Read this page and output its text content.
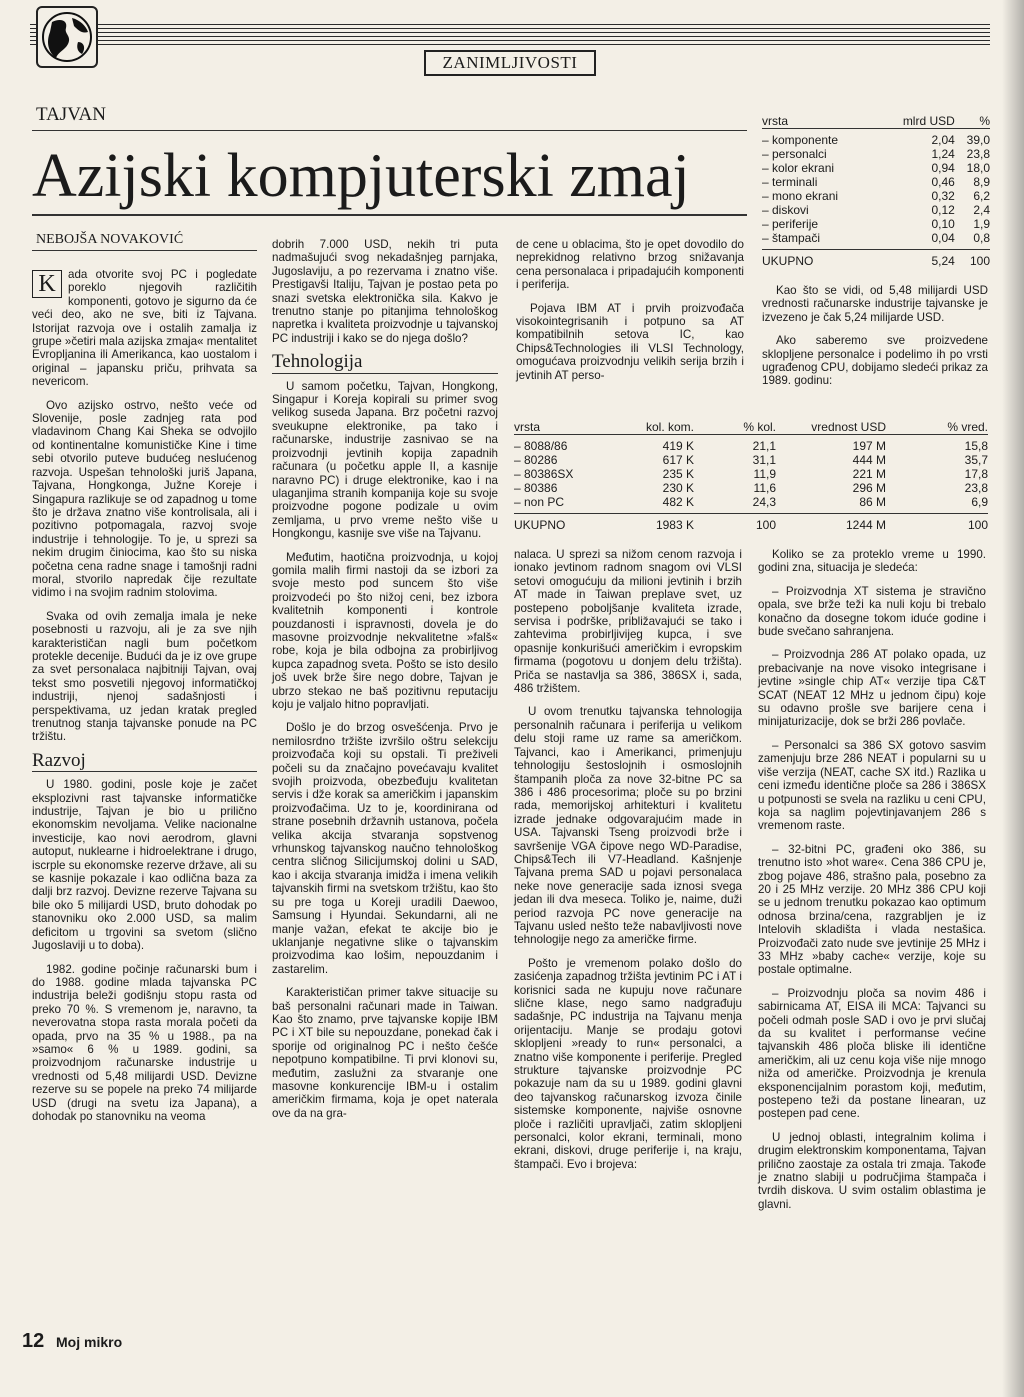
ZANIMLJIVOSTI
TAJVAN
Azijski kompjuterski zmaj
NEBOJŠA NOVAKOVIĆ

K	ada otvorite svoj PC i pogledate poreklo njegovih različitih komponenti, gotovo je sigurno da će veći deo, ako ne sve, biti iz Tajvana. Istorijat razvoja ove i ostalih zamalja iz grupe »četiri mala azijska zmaja« mentalitet Evropljanina ili Amerikanca, kao uostalom i original – japansku priču, prihvata sa nevericom.

Ovo azijsko ostrvo, nešto veće od Slovenije, posle zadnjeg rata pod vladavinom Chang Kai Sheka se odvojilo od kontinentalne komunističke Kine i time sebi otvorilo puteve budućeg neslućenog razvoja. Uspešan tehnološki juriš Japana, Tajvana, Hongkonga, Južne Koreje i Singapura razlikuje se od zapadnog u tome što je država znatno više kontrolisala, ali i pozitivno potpomagala, razvoj svoje industrije i tehnologije. To je, u sprezi sa nekim drugim činiocima, kao što su niska početna cena radne snage i tamošnji radni moral, stvorilo napredak čije rezultate vidimo i na svojim radnim stolovima.

Svaka od ovih zemalja imala je neke posebnosti u razvoju, ali je za sve njih karakterističan nagli bum početkom protekle decenije. Budući da je iz ove grupe za svet personalaca najbitniji Tajvan, ovaj tekst smo posvetili njegovoj informatičkoj industriji, njenoj sadašnjosti i perspektivama, uz jedan kratak pregled trenutnog stanja tajvanske ponude na PC tržištu.

Razvoj

U 1980. godini, posle koje je začet eksplozivni rast tajvanske informatičke industrije, Tajvan je bio u prilično ekonomskim nevoljama. Velike nacionalne investicije, kao novi aerodrom, glavni autoput, nuklearne i hidroelektrane i drugo, iscrple su ekonomske rezerve države, ali su se kasnije pokazale i kao odlična baza za dalji brz razvoj. Devizne rezerve Tajvana su bile oko 5 milijardi USD, bruto dohodak po stanovniku oko 2.000 USD, sa malim deficitom u trgovini sa svetom (slično Jugoslaviji u to doba).

1982. godine počinje računarski bum i do 1988. godine mlada tajvanska PC industrija beleži godišnju stopu rasta od preko 70 %. S vremenom je, naravno, ta neverovatna stopa rasta morala početi da opada, prvo na 35 % u 1988., pa na »samo« 6 % u 1989. godini, sa proizvodnjom računarske industrije u vrednosti od 5,48 milijardi USD. Devizne rezerve su se popele na preko 74 milijarde USD (drugi na svetu iza Japana), a dohodak po stanovniku na veoma

dobrih 7.000 USD, nekih tri puta nadmašujući svog nekadašnjeg parnjaka, Jugoslaviju, a po rezervama i znatno više. Prestigavši Italiju, Tajvan je postao peta po snazi svetska elektronička sila. Kakvo je trenutno stanje po pitanjima tehnološkog napretka i kvaliteta proizvodnje u tajvanskoj PC industriji i kako se do njega došlo?

Tehnologija

U samom početku, Tajvan, Hongkong, Singapur i Koreja kopirali su primer svog velikog suseda Japana. Brz početni razvoj sveukupne elektronike, pa tako i računarske, industrije zasnivao se na proizvodnji jevtinih kopija zapadnih računara (u početku apple II, a kasnije naravno PC) i druge elektronike, kao i na ulaganjima stranih kompanija koje su svoje proizvodne pogone podizale u ovim zemljama, u prvo vreme nešto više u Hongkongu, kasnije sve više na Tajvanu.

Međutim, haotična proizvodnja, u kojoj gomila malih firmi nastoji da se izbori za svoje mesto pod suncem što više proizvodeći po što nižoj ceni, bez izbora kvalitetnih komponenti i kontrole pouzdanosti i ispravnosti, dovela je do masovne proizvodnje nekvalitetne »falš« robe, koja je bila odbojna za probirljivog kupca zapadnog sveta. Pošto se isto desilo još uvek brže šire nego dobre, Tajvan je ubrzo stekao ne baš pozitivnu reputaciju koju je valjalo hitno popravljati.

Došlo je do brzog osvešćenja. Prvo je nemilosrdno tržište izvršilo oštru selekciju proizvođača koji su opstali. Ti preživeli počeli su da značajno povećavaju kvalitet svojih proizvoda, obezbeđuju kvalitetan servis i dže korak sa američkim i japanskim proizvođačima. Uz to je, koordinirana od strane posebnih državnih ustanova, počela velika akcija stvaranja sopstvenog vrhunskog tajvanskog naučno tehnološkog centra sličnog Silicijumskoj dolini u SAD, kao i akcija stvaranja imidža i imena velikih tajvanskih firmi na svetskom tržištu, kao što su pre toga u Koreji uradili Daewoo, Samsung i Hyundai. Sekundarni, ali ne manje važan, efekat te akcije bio je uklanjanje negativne slike o tajvanskim proizvodima kao lošim, nepouzdanim i zastarelim.

Karakterističan primer takve situacije su baš personalni računari made in Taiwan. Kao što znamo, prve tajvanske kopije IBM PC i XT bile su nepouzdane, ponekad čak i sporije od originalnog PC i nešto češće nepotpuno kompatibilne. Ti prvi klonovi su, međutim, zaslužni za stvaranje one masovne konkurencije IBM-u i ostalim američkim firmama, koja je opet naterala ove da na gra-

de cene u oblacima, što je opet dovodilo do neprekidnog relativno brzog snižavanja cena personalaca i pripadajućih komponenti i periferija.

Pojava IBM AT i prvih proizvođača visokointegrisanih i potpuno sa AT kompatibilnih setova IC, kao Chips&Technologies ili VLSI Technology, omogućava proizvodnju velikih serija brzih i jevtinih AT perso-

vrsta	mlrd USD	%
– komponente	2,04	39,0
– personalci	1,24	23,8
– kolor ekrani	0,94	18,0
– terminali	0,46	8,9
– mono ekrani	0,32	6,2
– diskovi	0,12	2,4
– periferije	0,10	1,9
– štampači	0,04	0,8
UKUPNO	5,24	100

Kao što se vidi, od 5,48 milijardi USD vrednosti računarske industrije tajvanske je izvezeno je čak 5,24 milijarde USD.

Ako saberemo sve proizvedene sklopljene personalce i podelimo ih po vrsti ugrađenog CPU, dobijamo sledeći prikaz za 1989. godinu:

vrsta	kol. kom.	% kol.	vrednost USD	% vred.
– 8088/86	419 K	21,1	197 M	15,8
– 80286	617 K	31,1	444 M	35,7
– 80386SX	235 K	11,9	221 M	17,8
– 80386	230 K	11,6	296 M	23,8
– non PC	482 K	24,3	86 M	6,9
UKUPNO	1983 K	100	1244 M	100

nalaca. U sprezi sa nižom cenom razvoja i ionako jevtinom radnom snagom ovi VLSI setovi omogućuju da milioni jevtinih i brzih AT made in Taiwan preplave svet, uz postepeno poboljšanje kvaliteta izrade, servisa i podrške, približavajući se tako i zahtevima probirljivijeg kupca, i sve opasnije konkurišući američkim i evropskim firmama (pogotovu u donjem delu tržišta). Priča se nastavlja sa 386, 386SX i, sada, 486 tržištem.

U ovom trenutku tajvanska tehnologija personalnih računara i periferija u velikom delu stoji rame uz rame sa američkom. Tajvanci, kao i Amerikanci, primenjuju tehnologiju šestoslojnih i osmoslojnih štampanih ploča za nove 32-bitne PC sa 386 i 486 procesorima; ploče su po brzini rada, memorijskoj arhitekturi i kvalitetu izrade jednake odgovarajućim made in USA. Tajvanski Tseng proizvodi brže i savršenije VGA čipove nego WD-Paradise, Chips&Tech ili V7-Headland. Kašnjenje Tajvana prema SAD u pojavi personalaca neke nove generacije sada iznosi svega jedan ili dva meseca. Toliko je, naime, duži period razvoja PC nove generacije na Tajvanu usled nešto teže nabavljivosti nove tehnologije nego za američke firme.

Pošto je vremenom polako došlo do zasićenja zapadnog tržišta jevtinim PC i AT i korisnici sada ne kupuju nove računare slične klase, nego samo nadgrađuju sadašnje, PC industrija na Tajvanu menja orijentaciju. Manje se prodaju gotovi sklopljeni »ready to run« personalci, a znatno više komponente i periferije. Pregled strukture tajvanske proizvodnje PC pokazuje nam da su u 1989. godini glavni deo tajvanskog računarskog izvoza činile sistemske komponente, najviše osnovne ploče i različiti upravljači, zatim sklopljeni personalci, kolor ekrani, terminali, mono ekrani, diskovi, druge periferije i, na kraju, štampači. Evo i brojeva:

Koliko se za proteklo vreme u 1990. godini zna, situacija je sledeća:

– Proizvodnja XT sistema je stravično opala, sve brže teži ka nuli koju bi trebalo konačno da dosegne tokom iduće godine i bude svečano sahranjena.

– Proizvodnja 286 AT polako opada, uz prebacivanje na nove visoko integrisane i jevtine »single chip AT« verzije tipa C&T SCAT (NEAT 12 MHz u jednom čipu) koje su odavno prošle sve barijere cena i minijaturizacije, dok se brži 286 povlače.

– Personalci sa 386 SX gotovo sasvim zamenjuju brze 286 NEAT i popularni su u više verzija (NEAT, cache SX itd.) Razlika u ceni između identične ploče sa 286 i 386SX u potpunosti se svela na razliku u ceni CPU, koja sa naglim pojevtinjavanjem 286 s vremenom raste.

– 32-bitni PC, građeni oko 386, su trenutno isto »hot ware«. Cena 386 CPU je, zbog pojave 486, strašno pala, posebno za 20 i 25 MHz verzije. 20 MHz 386 CPU koji se u jednom trenutku pokazao kao optimum odnosa brzina/cena, razgrabljen je iz Intelovih skladišta i vlada nestašica. Proizvođači zato nude sve jevtinije 25 MHz i 33 MHz »baby cache« verzije, koje su postale optimalne.

– Proizvodnju ploča sa novim 486 i sabirnicama AT, EISA ili MCA: Tajvanci su počeli odmah posle SAD i ovo je prvi slučaj da su kvalitet i performanse većine tajvanskih 486 ploča bliske ili identične američkim, ali uz cenu koja više nije mnogo niža od američke. Proizvodnja je krenula eksponencijalnim porastom koji, međutim, postepeno teži da postane linearan, uz postepen pad cene.

U jednoj oblasti, integralnim kolima i drugim elektronskim komponentama, Tajvan prilično zaostaje za ostala tri zmaja. Takođe je znatno slabiji u područjima štampača i tvrdih diskova. U svim ostalim oblastima je glavni.

12 Moj mikro
